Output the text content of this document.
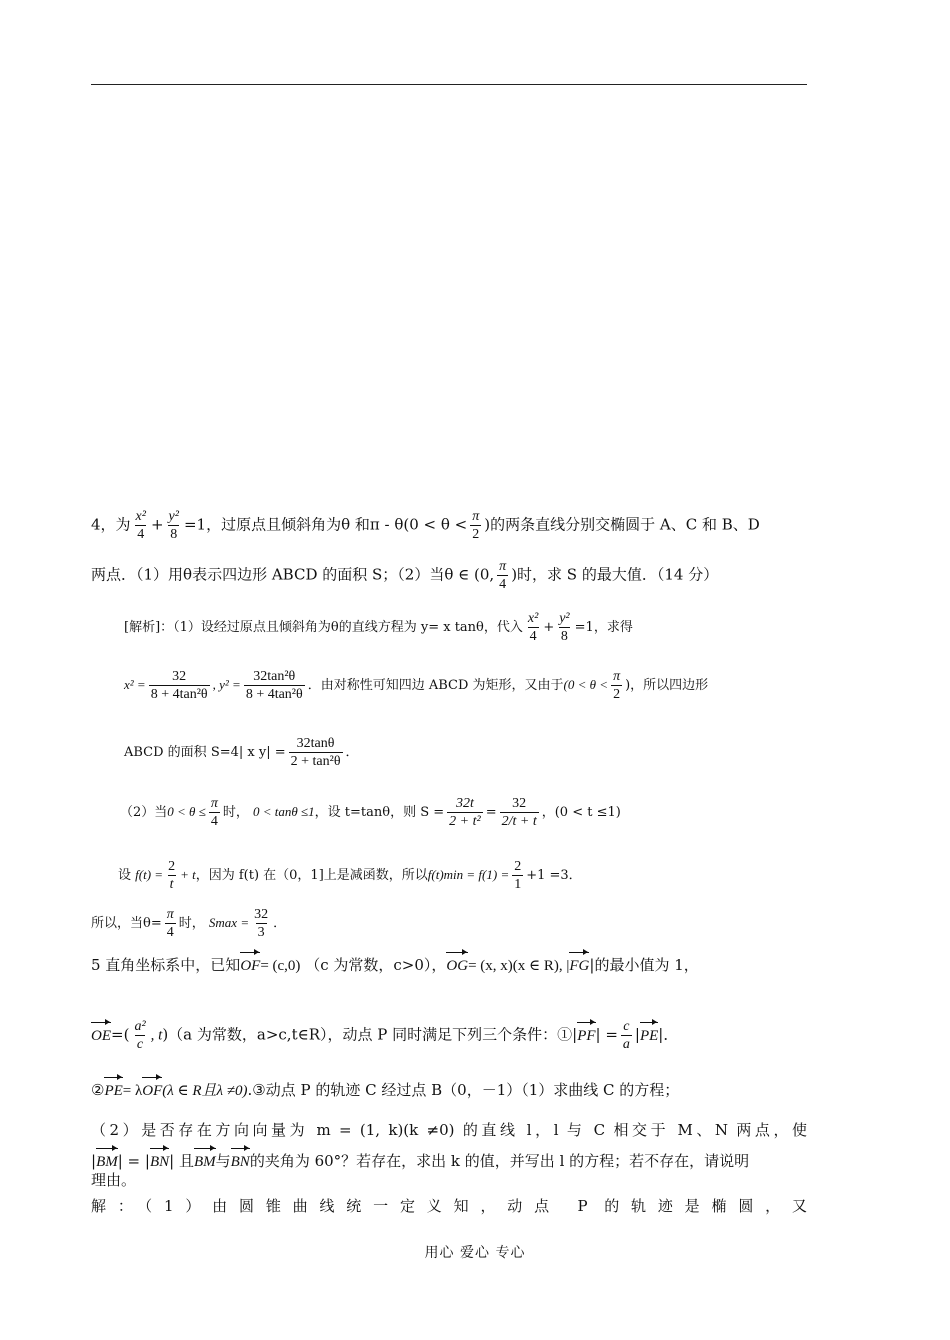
4，为 $\frac{\text{x²}}{4} + \frac{\text{y²}}{8} =1$，过原点且倾斜角为θ 和$\pi - \theta(0 < \theta < \frac{\pi}{2}$ )的两条直线分别交椭圆于 A、C 和 B、D
两点．（1）用θ表示四边形 ABCD 的面积 S；（2）当θ ∈ (0, $\frac{\pi}{4}$ )时，求 S 的最大值．（14 分）
[解析]：（1）设经过原点且倾斜角为θ的直线方程为 y= x tanθ，代入 $\frac{\text{x²}}{4} + \frac{\text{y²}}{8} =1$，求得
$x^2 = \frac{32}{\text{8 + 4tan²θ}}$ , $y^2 = \frac{\text{32tan²θ}}{\text{8 + 4tan²θ}}$ ．由对称性可知四边 ABCD 为矩形，又由于($0 < \theta < \frac{\pi}{2}$ )，所以四边形
ABCD 的面积 S=4| x $y| = \frac{32\tan\theta}{\text{2 + tan²θ}}$ ．
（2）当$0 < \theta \le \frac{\pi}{4}$ 时， 0 < tanθ ≤1，设 t=tanθ，则 $S = \frac{32t}{\text{2 + t²}} = \frac{32}{2/t + t}$ ，(0 < t ≤1)
设 $f(t) = \frac{2}{t} + t$，因为 f(t) 在（0，1]上是减函数，所以$f(t)\min = f(1) = \frac{2}{1} +1 =3$．
所以，当$\theta= \frac{\pi}{4}$ 时， $Smax = \frac{32}{3}$ ．
5 直角坐标系中，已知OF= (c,0) （c 为常数，c>0），OG= (x, x)(x ∈ R), |FG|的最小值为 1，
$OE=( \frac{\text{a²}}{c}$ , t)（a 为常数，a>c,t∈R），动点 P 同时满足下列三个条件：①|PF| = $\frac{c}{a} |PE|$．
②PE= λOF(λ ∈ R且λ ≠0).③动点 P 的轨迹 C 经过点 B（0，－1）（1）求曲线 C 的方程；
（2）是否存在方向向量为 m = (1, k)(k ≠0) 的直线 l，l 与 C 相交于 M、N 两点，使
|BM| = |BN| 且BM与BN的夹角为 60°？若存在，求出 k 的值，并写出 l 的方程；若不存在，请说明
理由。
解：（1）由圆锥曲线统一定义知，动点 P 的轨迹是椭圆，又
用心 爱心 专心
